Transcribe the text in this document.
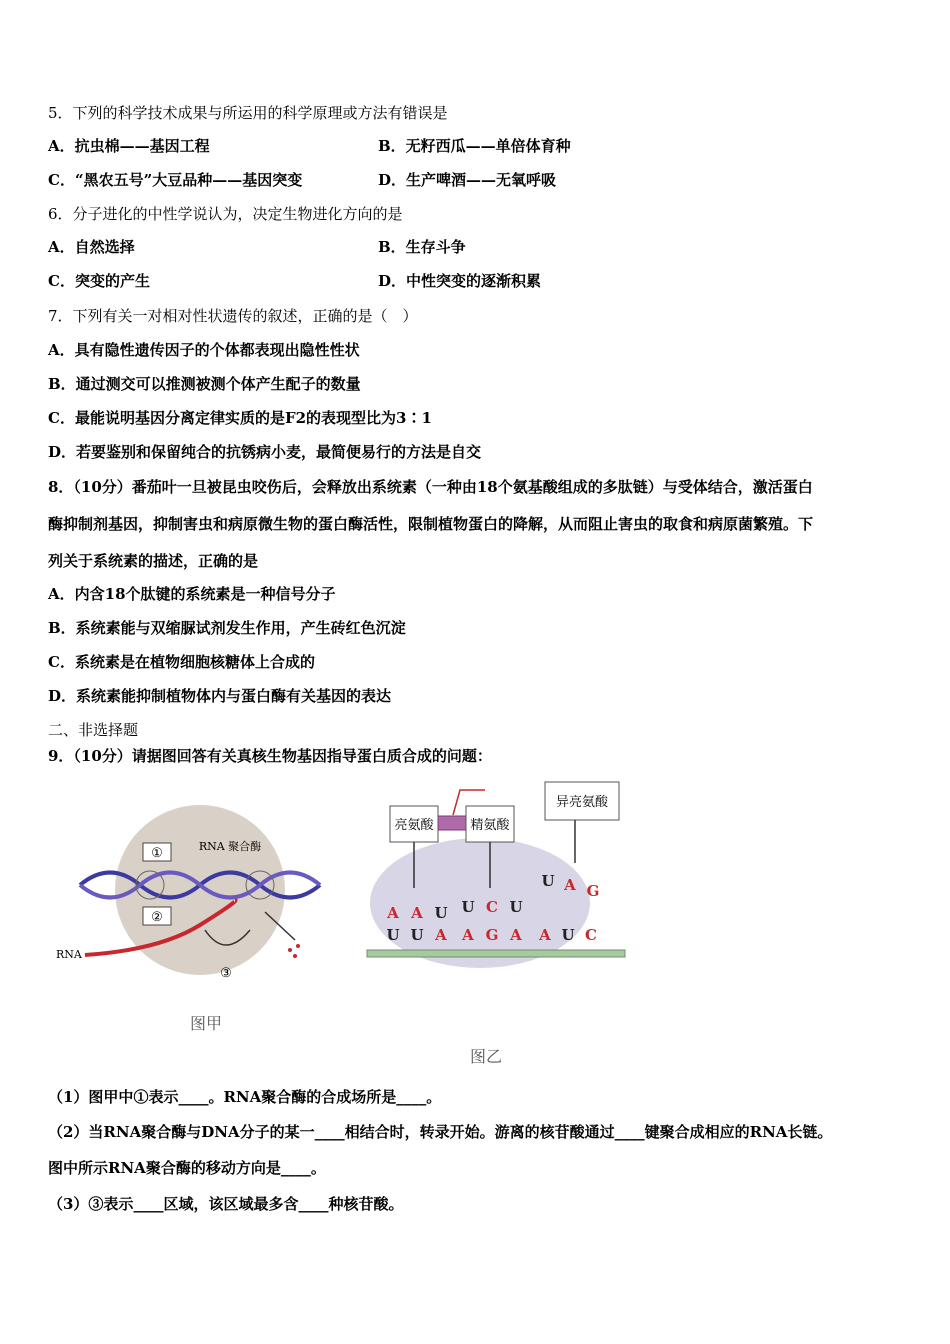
5．下列的科学技术成果与所运用的科学原理或方法有错误是
A．抗虫棉——基因工程	B．无籽西瓜——单倍体育种
C．“黑农五号”大豆品种——基因突变	D．生产啤酒——无氧呼吸
6．分子进化的中性学说认为，决定生物进化方向的是
A．自然选择	B．生存斗争
C．突变的产生	D．中性突变的逐渐积累
7．下列有关一对相对性状遗传的叙述，正确的是（　）
A．具有隐性遗传因子的个体都表现出隐性性状
B．通过测交可以推测被测个体产生配子的数量
C．最能说明基因分离定律实质的是F2的表现型比为3∶1
D．若要鉴别和保留纯合的抗锈病小麦，最简便易行的方法是自交
8．（10分）番茄叶一旦被昆虫咬伤后，会释放出系统素（一种由18个氨基酸组成的多肽链）与受体结合，激活蛋白
酶抑制剂基因，抑制害虫和病原微生物的蛋白酶活性，限制植物蛋白的降解，从而阻止害虫的取食和病原菌繁殖。下
列关于系统素的描述，正确的是
A．内含18个肽键的系统素是一种信号分子
B．系统素能与双缩脲试剂发生作用，产生砖红色沉淀
C．系统素是在植物细胞核糖体上合成的
D．系统素能抑制植物体内与蛋白酶有关基因的表达
二、非选择题
9．（10分）请据图回答有关真核生物基因指导蛋白质合成的问题：
①
②
RNA 聚合酶
RNA
③
图甲
亮氨酸	精氨酸
异亮氨酸
A A U U C U
U A G
U U A A G A A U C
图乙
（1）图甲中①表示____。RNA聚合酶的合成场所是____。
（2）当RNA聚合酶与DNA分子的某一____相结合时，转录开始。游离的核苷酸通过____键聚合成相应的RNA长链。
图中所示RNA聚合酶的移动方向是____。
（3）③表示____区域，该区域最多含____种核苷酸。
